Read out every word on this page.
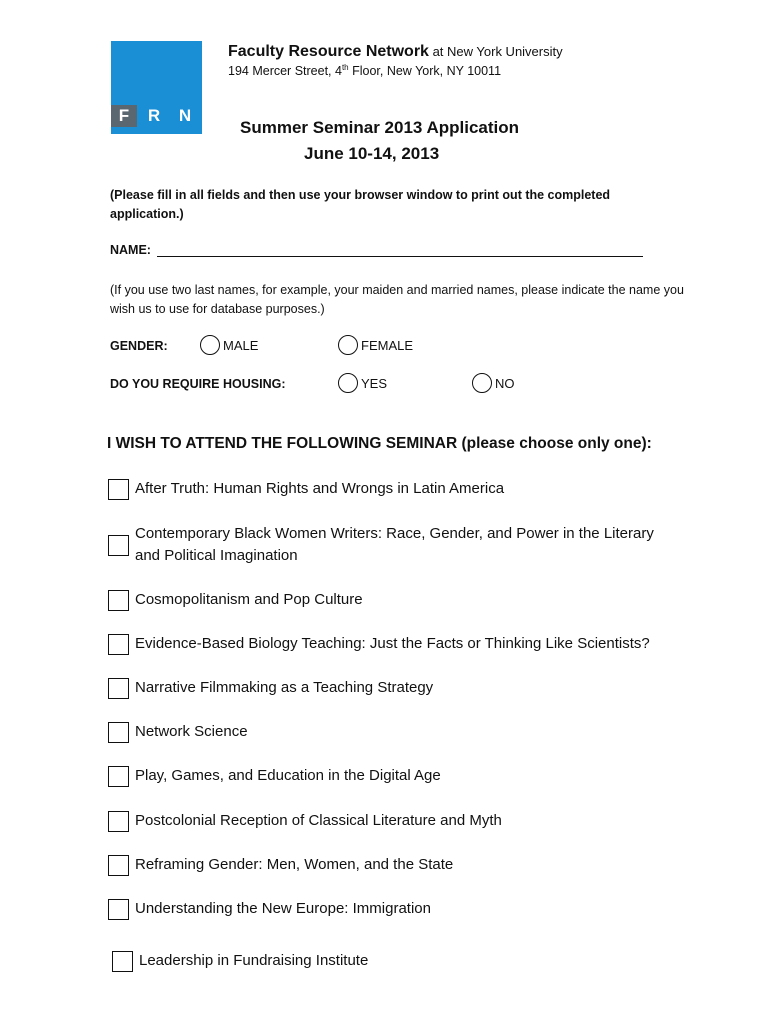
F	R	N
Faculty Resource Network at New York University
194 Mercer Street, 4th Floor, New York, NY 10011
Summer Seminar 2013 Application
June 10-14, 2013
(Please fill in all fields and then use your browser window to print out the completed application.)
NAME:
(If you use two last names, for example, your maiden and married names, please indicate the name you wish us to use for database purposes.)
GENDER:	MALE	FEMALE
DO YOU REQUIRE HOUSING:	YES	NO
I WISH TO ATTEND THE FOLLOWING SEMINAR (please choose only one):
After Truth: Human Rights and Wrongs in Latin America
Contemporary Black Women Writers: Race, Gender, and Power in the Literary and Political Imagination
Cosmopolitanism and Pop Culture
Evidence-Based Biology Teaching: Just the Facts or Thinking Like Scientists?
Narrative Filmmaking as a Teaching Strategy
Network Science
Play, Games, and Education in the Digital Age
Postcolonial Reception of Classical Literature and Myth
Reframing Gender: Men, Women, and the State
Understanding the New Europe: Immigration
Leadership in Fundraising Institute
